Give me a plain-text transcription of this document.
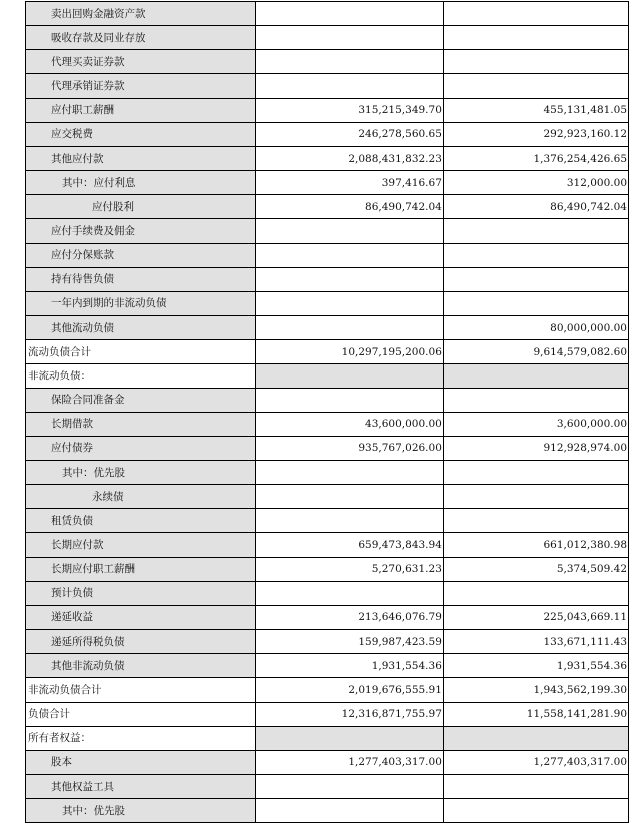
卖出回购金融资产款		
吸收存款及同业存放		
代理买卖证券款		
代理承销证券款		
应付职工薪酬	315,215,349.70	455,131,481.05
应交税费	246,278,560.65	292,923,160.12
其他应付款	2,088,431,832.23	1,376,254,426.65
其中：应付利息	397,416.67	312,000.00
应付股利	86,490,742.04	86,490,742.04
应付手续费及佣金		
应付分保账款		
持有待售负债		
一年内到期的非流动负债		
其他流动负债		80,000,000.00
流动负债合计	10,297,195,200.06	9,614,579,082.60
非流动负债：		
保险合同准备金		
长期借款	43,600,000.00	3,600,000.00
应付债券	935,767,026.00	912,928,974.00
其中：优先股		
永续债		
租赁负债		
长期应付款	659,473,843.94	661,012,380.98
长期应付职工薪酬	5,270,631.23	5,374,509.42
预计负债		
递延收益	213,646,076.79	225,043,669.11
递延所得税负债	159,987,423.59	133,671,111.43
其他非流动负债	1,931,554.36	1,931,554.36
非流动负债合计	2,019,676,555.91	1,943,562,199.30
负债合计	12,316,871,755.97	11,558,141,281.90
所有者权益：		
股本	1,277,403,317.00	1,277,403,317.00
其他权益工具		
其中：优先股		
